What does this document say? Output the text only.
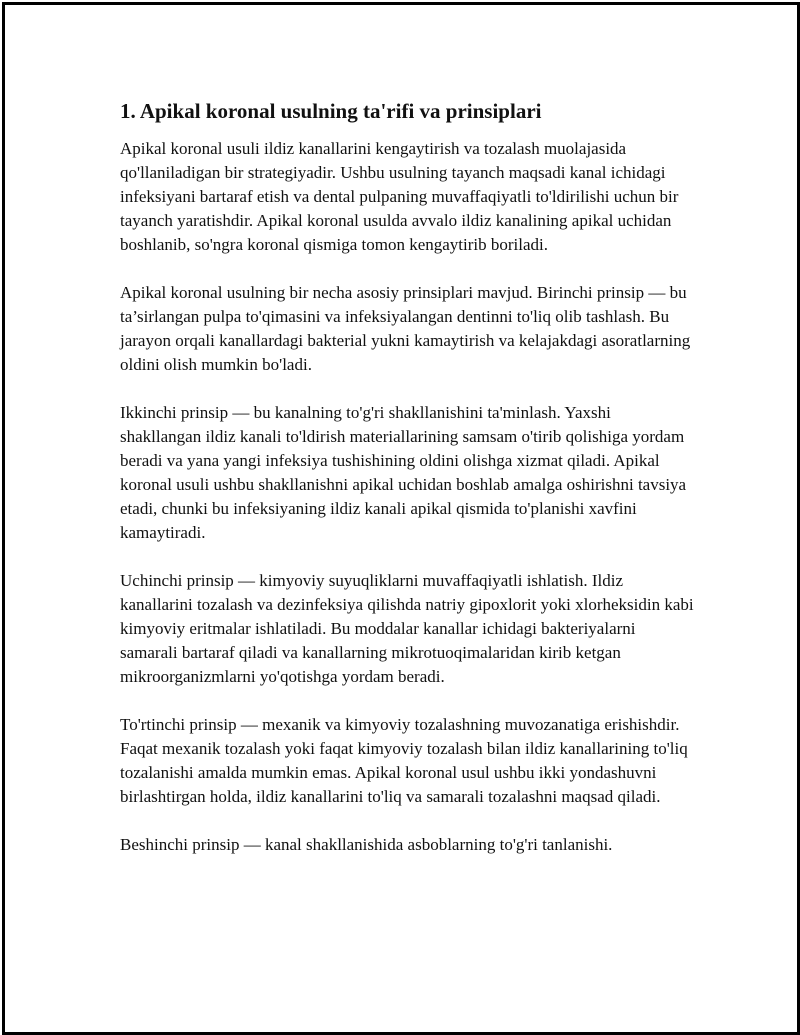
1. Apikal koronal usulning ta'rifi va prinsiplari

Apikal koronal usuli ildiz kanallarini kengaytirish va tozalash muolajasida qo'llaniladigan bir strategiyadir. Ushbu usulning tayanch maqsadi kanal ichidagi infeksiyani bartaraf etish va dental pulpaning muvaffaqiyatli to'ldirilishi uchun bir tayanch yaratishdir. Apikal koronal usulda avvalo ildiz kanalining apikal uchidan boshlanib, so'ngra koronal qismiga tomon kengaytirib boriladi.

Apikal koronal usulning bir necha asosiy prinsiplari mavjud. Birinchi prinsip — bu ta’sirlangan pulpa to'qimasini va infeksiyalangan dentinni to'liq olib tashlash. Bu jarayon orqali kanallardagi bakterial yukni kamaytirish va kelajakdagi asoratlarning oldini olish mumkin bo'ladi.

Ikkinchi prinsip — bu kanalning to'g'ri shakllanishini ta'minlash. Yaxshi shakllangan ildiz kanali to'ldirish materiallarining samsam o'tirib qolishiga yordam beradi va yana yangi infeksiya tushishining oldini olishga xizmat qiladi. Apikal koronal usuli ushbu shakllanishni apikal uchidan boshlab amalga oshirishni tavsiya etadi, chunki bu infeksiyaning ildiz kanali apikal qismida to'planishi xavfini kamaytiradi.

Uchinchi prinsip — kimyoviy suyuqliklarni muvaffaqiyatli ishlatish. Ildiz kanallarini tozalash va dezinfeksiya qilishda natriy gipoxlorit yoki xlorheksidin kabi kimyoviy eritmalar ishlatiladi. Bu moddalar kanallar ichidagi bakteriyalarni samarali bartaraf qiladi va kanallarning mikrotuoqimalaridan kirib ketgan mikroorganizmlarni yo'qotishga yordam beradi.

To'rtinchi prinsip — mexanik va kimyoviy tozalashning muvozanatiga erishishdir. Faqat mexanik tozalash yoki faqat kimyoviy tozalash bilan ildiz kanallarining to'liq tozalanishi amalda mumkin emas. Apikal koronal usul ushbu ikki yondashuvni birlashtirgan holda, ildiz kanallarini to'liq va samarali tozalashni maqsad qiladi.

Beshinchi prinsip — kanal shakllanishida asboblarning to'g'ri tanlanishi.
